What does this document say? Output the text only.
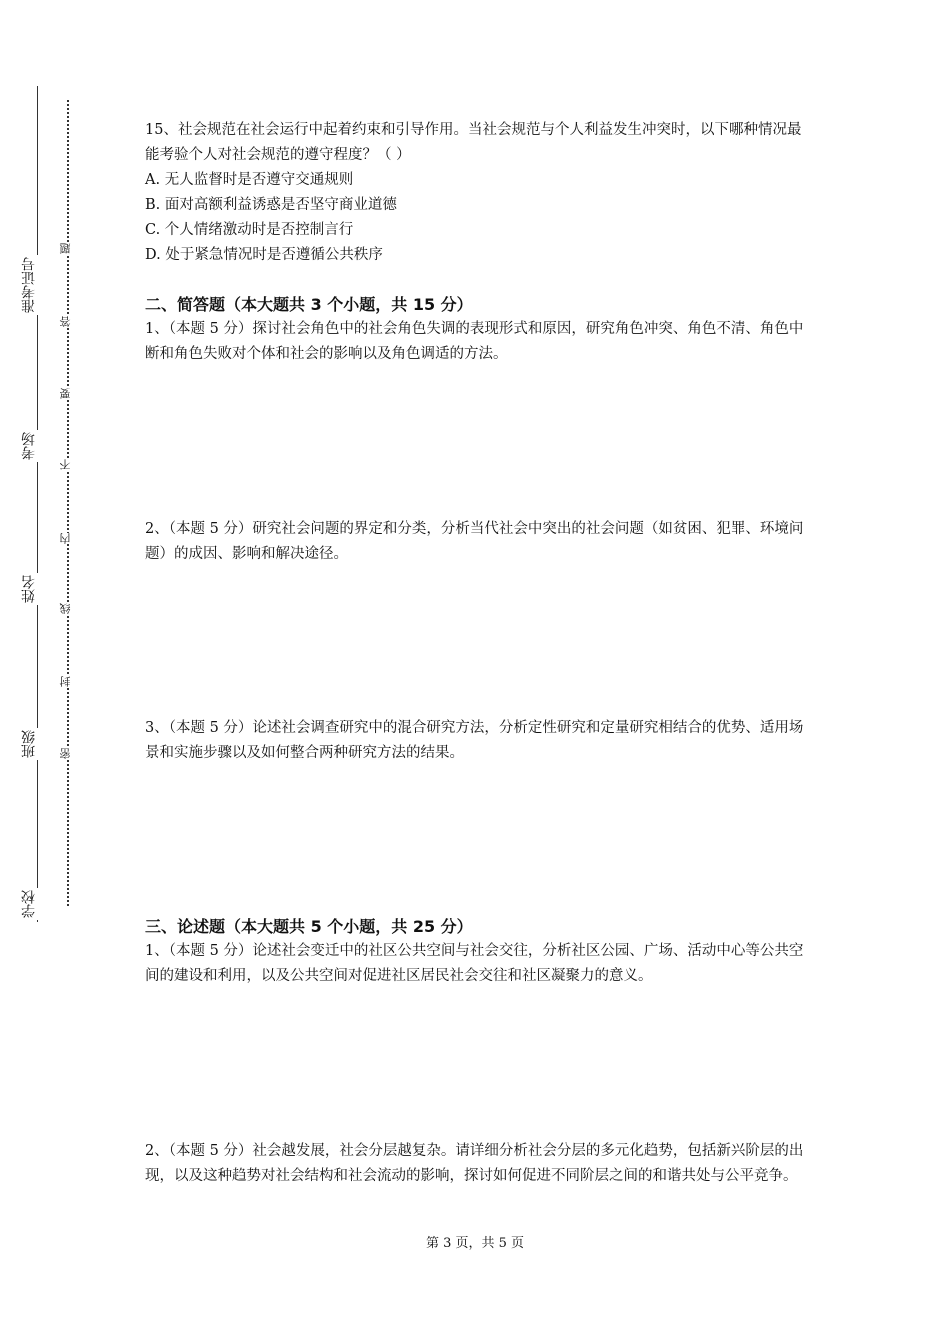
准考证号
考场
姓名
班级
学校
题
答
要
不
内
线
封
密

15、社会规范在社会运行中起着约束和引导作用。当社会规范与个人利益发生冲突时，以下哪种情况最能考验个人对社会规范的遵守程度？（ ）

A. 无人监督时是否遵守交通规则
B. 面对高额利益诱惑是否坚守商业道德
C. 个人情绪激动时是否控制言行
D. 处于紧急情况时是否遵循公共秩序
二、简答题（本大题共 3 个小题，共 15 分）

1、（本题 5 分）探讨社会角色中的社会角色失调的表现形式和原因，研究角色冲突、角色不清、角色中断和角色失败对个体和社会的影响以及角色调适的方法。

2、（本题 5 分）研究社会问题的界定和分类，分析当代社会中突出的社会问题（如贫困、犯罪、环境问题）的成因、影响和解决途径。

3、（本题 5 分）论述社会调查研究中的混合研究方法，分析定性研究和定量研究相结合的优势、适用场景和实施步骤以及如何整合两种研究方法的结果。

三、论述题（本大题共 5 个小题，共 25 分）

1、（本题 5 分）论述社会变迁中的社区公共空间与社会交往，分析社区公园、广场、活动中心等公共空间的建设和利用，以及公共空间对促进社区居民社会交往和社区凝聚力的意义。

2、（本题 5 分）社会越发展，社会分层越复杂。请详细分析社会分层的多元化趋势，包括新兴阶层的出现，以及这种趋势对社会结构和社会流动的影响，探讨如何促进不同阶层之间的和谐共处与公平竞争。

第 3 页，共 5 页
